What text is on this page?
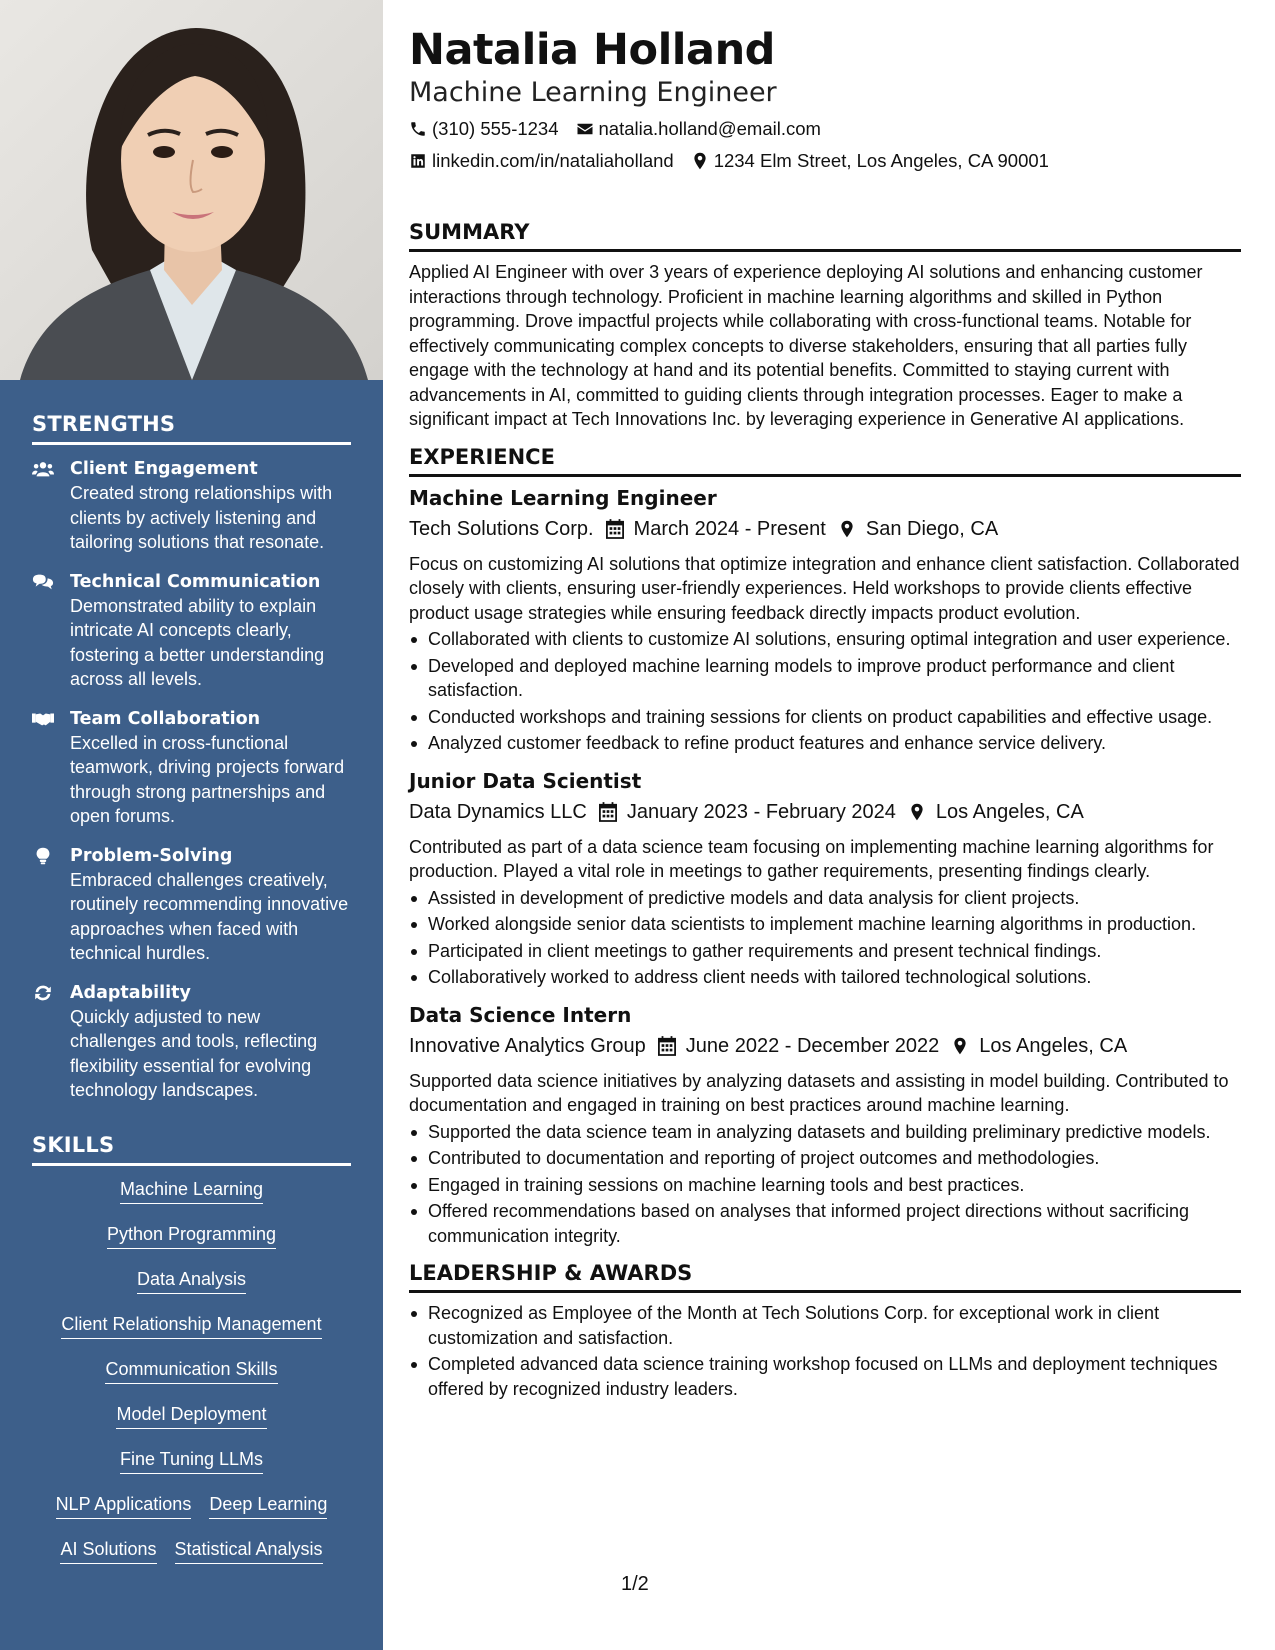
STRENGTHS
Client Engagement
Created strong relationships with clients by actively listening and tailoring solutions that resonate.
Technical Communication
Demonstrated ability to explain intricate AI concepts clearly, fostering a better understanding across all levels.
Team Collaboration
Excelled in cross-functional teamwork, driving projects forward through strong partnerships and open forums.
Problem-Solving
Embraced challenges creatively, routinely recommending innovative approaches when faced with technical hurdles.
Adaptability
Quickly adjusted to new challenges and tools, reflecting flexibility essential for evolving technology landscapes.
SKILLS
Machine Learning
Python Programming
Data Analysis
Client Relationship Management
Communication Skills
Model Deployment
Fine Tuning LLMs
NLP Applications Deep Learning
AI Solutions Statistical Analysis
Natalia Holland
Machine Learning Engineer
(310) 555-1234 natalia.holland@email.com
linkedin.com/in/nataliaholland 1234 Elm Street, Los Angeles, CA 90001
SUMMARY

Applied AI Engineer with over 3 years of experience deploying AI solutions and enhancing customer interactions through technology. Proficient in machine learning algorithms and skilled in Python programming. Drove impactful projects while collaborating with cross-functional teams. Notable for effectively communicating complex concepts to diverse stakeholders, ensuring that all parties fully engage with the technology at hand and its potential benefits. Committed to staying current with advancements in AI, committed to guiding clients through integration processes. Eager to make a significant impact at Tech Innovations Inc. by leveraging experience in Generative AI applications.

EXPERIENCE
Machine Learning Engineer
Tech Solutions Corp. March 2024 - Present San Diego, CA

Focus on customizing AI solutions that optimize integration and enhance client satisfaction. Collaborated closely with clients, ensuring user-friendly experiences. Held workshops to provide clients effective product usage strategies while ensuring feedback directly impacts product evolution.

Collaborated with clients to customize AI solutions, ensuring optimal integration and user experience.
Developed and deployed machine learning models to improve product performance and client satisfaction.
Conducted workshops and training sessions for clients on product capabilities and effective usage.
Analyzed customer feedback to refine product features and enhance service delivery.
Junior Data Scientist
Data Dynamics LLC January 2023 - February 2024 Los Angeles, CA

Contributed as part of a data science team focusing on implementing machine learning algorithms for production. Played a vital role in meetings to gather requirements, presenting findings clearly.

Assisted in development of predictive models and data analysis for client projects.
Worked alongside senior data scientists to implement machine learning algorithms in production.
Participated in client meetings to gather requirements and present technical findings.
Collaboratively worked to address client needs with tailored technological solutions.
Data Science Intern
Innovative Analytics Group June 2022 - December 2022 Los Angeles, CA

Supported data science initiatives by analyzing datasets and assisting in model building. Contributed to documentation and engaged in training on best practices around machine learning.

Supported the data science team in analyzing datasets and building preliminary predictive models.
Contributed to documentation and reporting of project outcomes and methodologies.
Engaged in training sessions on machine learning tools and best practices.
Offered recommendations based on analyses that informed project directions without sacrificing communication integrity.
LEADERSHIP & AWARDS
Recognized as Employee of the Month at Tech Solutions Corp. for exceptional work in client customization and satisfaction.
Completed advanced data science training workshop focused on LLMs and deployment techniques offered by recognized industry leaders.
1/2
